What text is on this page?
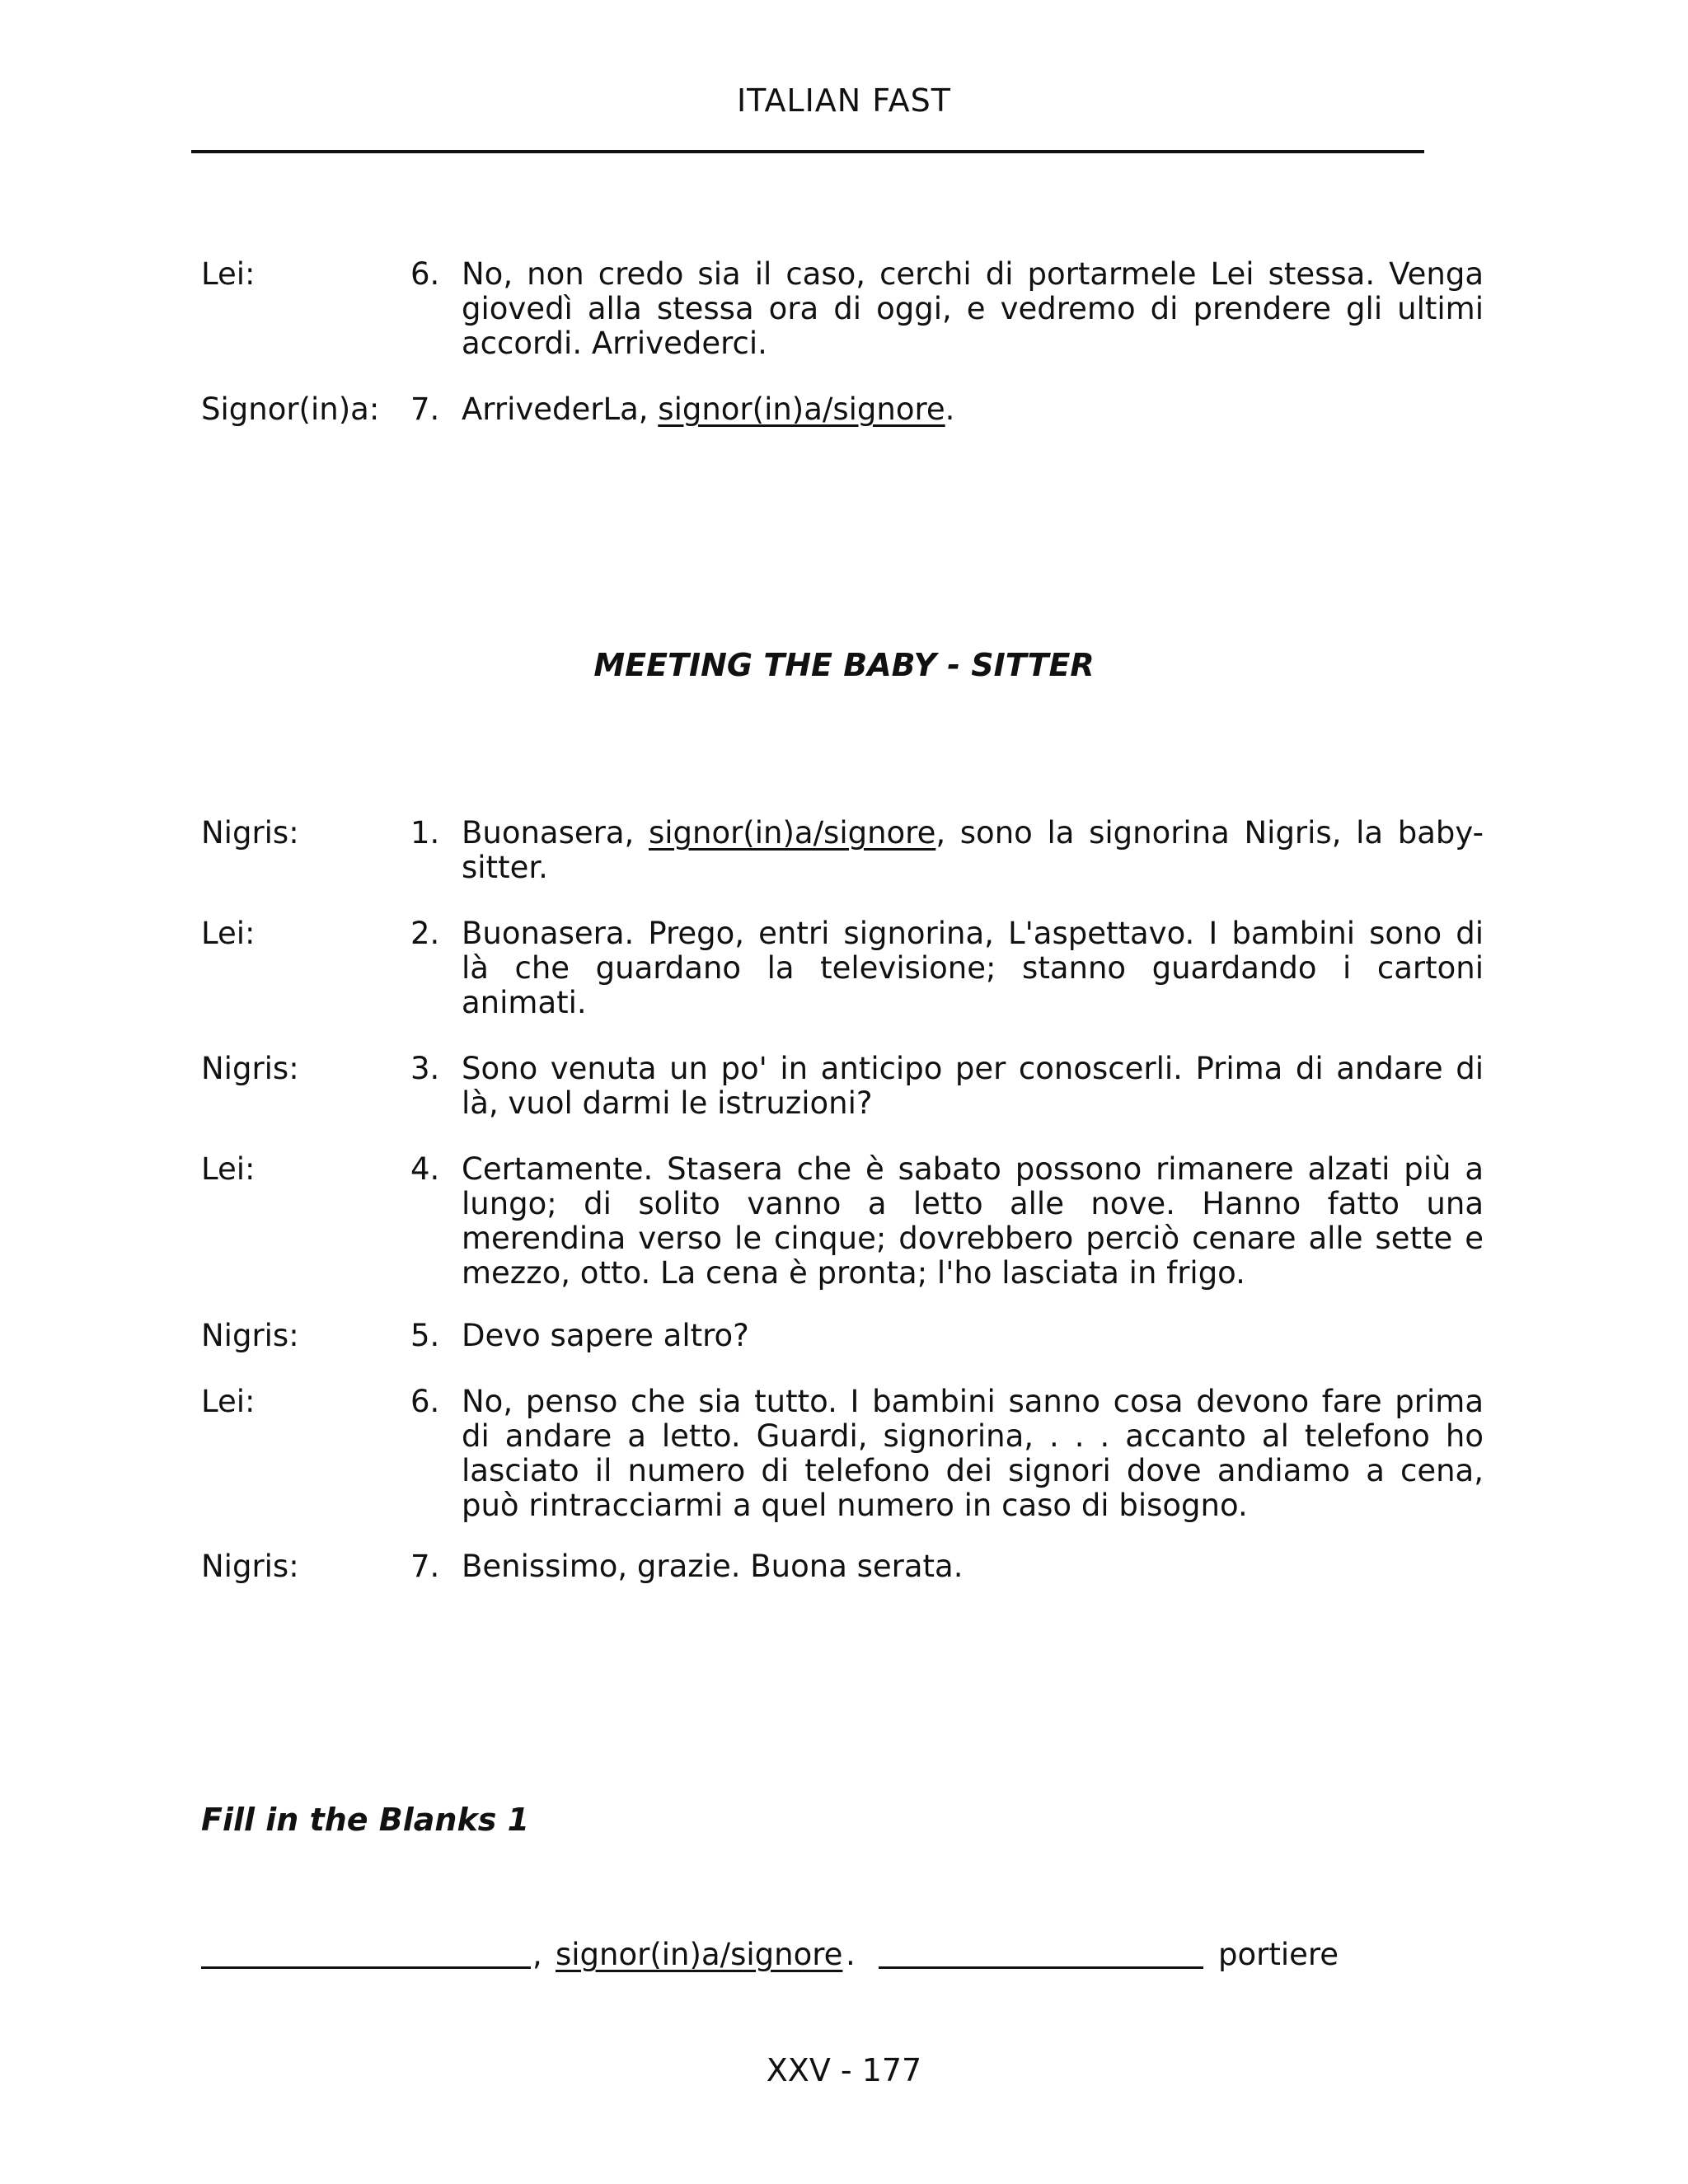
ITALIAN FAST
Lei:	6. No, non credo sia il caso, cerchi di portarmele Lei stessa. Venga giovedì alla stessa ora di oggi, e vedremo di prendere gli ultimi accordi. Arrivederci.
Signor(in)a: 7. ArrivederLa, signor(in)a/signore.
MEETING THE BABY - SITTER
Nigris:	1. Buonasera, signor(in)a/signore, sono la signorina Nigris, la baby-sitter.
Lei:	2. Buonasera. Prego, entri signorina, L'aspettavo. I bambini sono di là che guardano la televisione; stanno guardando i cartoni animati.
Nigris:	3. Sono venuta un po' in anticipo per conoscerli. Prima di andare di là, vuol darmi le istruzioni?
Lei:	4. Certamente. Stasera che è sabato possono rimanere alzati più a lungo; di solito vanno a letto alle nove. Hanno fatto una merendina verso le cinque; dovrebbero perciò cenare alle sette e mezzo, otto. La cena è pronta; l'ho lasciata in frigo.
Nigris:	5. Devo sapere altro?
Lei:	6. No, penso che sia tutto. I bambini sanno cosa devono fare prima di andare a letto. Guardi, signorina, . . . accanto al telefono ho lasciato il numero di telefono dei signori dove andiamo a cena, può rintracciarmi a quel numero in caso di bisogno.
Nigris:	7. Benissimo, grazie. Buona serata.
Fill in the Blanks 1
, signor(in)a/signore .	portiere
XXV - 177
